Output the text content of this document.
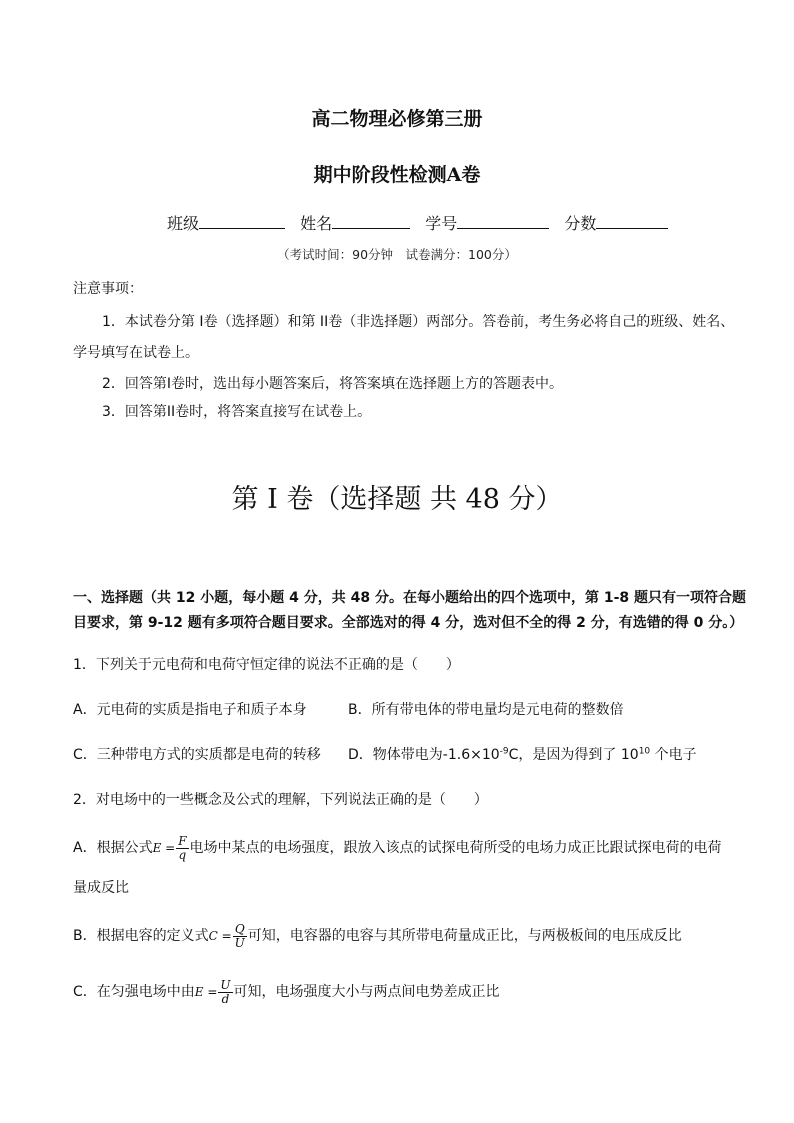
高二物理必修第三册
期中阶段性检测A卷
班级	姓名	学号	分数
（考试时间：90分钟　试卷满分：100分）
注意事项：
1．本试卷分第 I卷（选择题）和第 II卷（非选择题）两部分。答卷前，考生务必将自己的班级、姓名、
学号填写在试卷上。
2．回答第I卷时，选出每小题答案后，将答案填在选择题上方的答题表中。
3．回答第II卷时，将答案直接写在试卷上。
第 I 卷（选择题 共 48 分）
一、选择题（共 12 小题，每小题 4 分，共 48 分。在每小题给出的四个选项中，第 1-8 题只有一项符合题
目要求，第 9-12 题有多项符合题目要求。全部选对的得 4 分，选对但不全的得 2 分，有选错的得 0 分。）
1．下列关于元电荷和电荷守恒定律的说法不正确的是（　　）
A．元电荷的实质是指电子和质子本身	B．所有带电体的带电量均是元电荷的整数倍
C．三种带电方式的实质都是电荷的转移 D．物体带电为$-1.6\times 10^{-9}C$，是因为得到了 $10^{10}$ 个电子
2．对电场中的一些概念及公式的理解，下列说法正确的是（　　）
A．根据公式$E = \frac{F}{q}$ 电场中某点的电场强度，跟放入该点的试探电荷所受的电场力成正比跟试探电荷的电荷
量成反比
B．根据电容的定义式$C = \frac{Q}{U}$ 可知，电容器的电容与其所带电荷量成正比，与两极板间的电压成反比
C．在匀强电场中由$E = \frac{U}{d}$ 可知，电场强度大小与两点间电势差成正比
